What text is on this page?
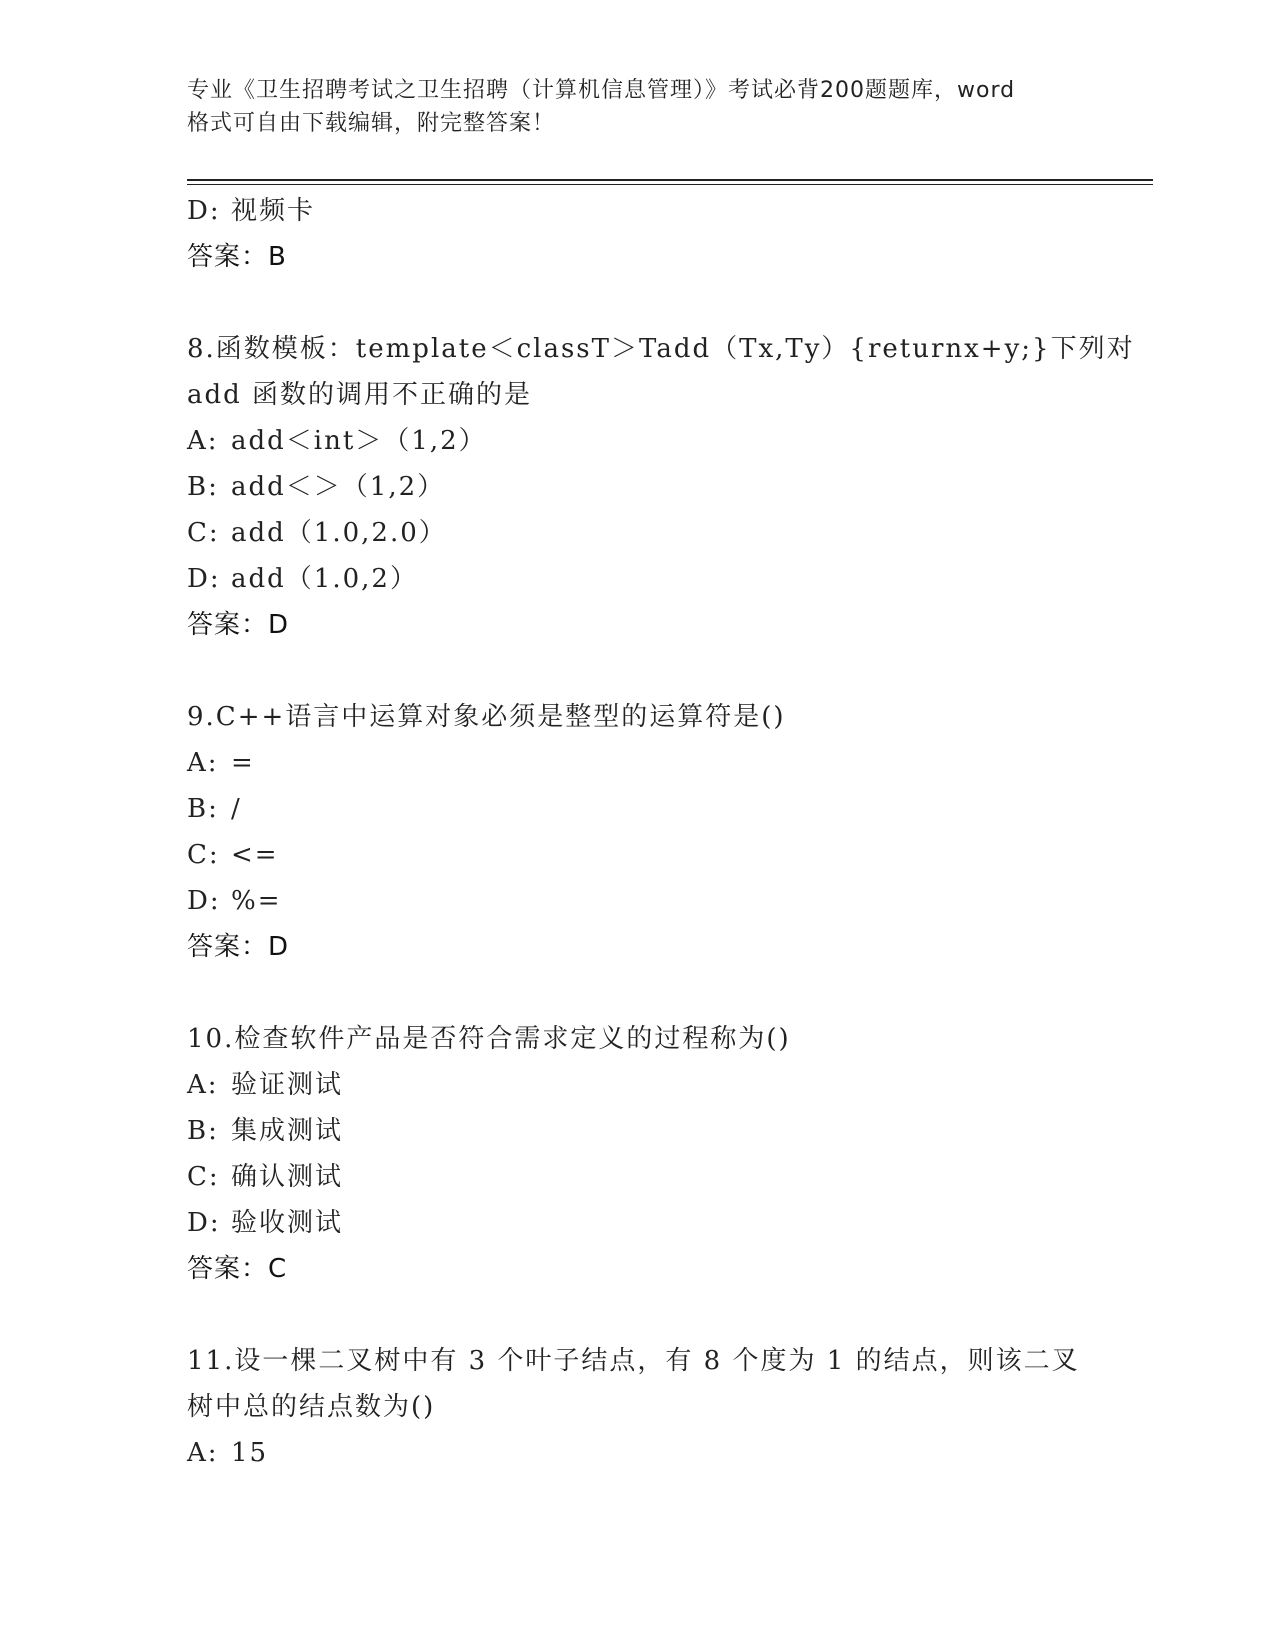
专业《卫生招聘考试之卫生招聘（计算机信息管理）》考试必背200题题库，word
格式可自由下载编辑，附完整答案！
D: 视频卡
答案：B
8.函数模板：template＜classT＞Tadd（Tx,Ty）{returnx+y;}下列对
add 函数的调用不正确的是
A: add＜int＞（1,2）
B: add＜＞（1,2）
C: add（1.0,2.0）
D: add（1.0,2）
答案：D
9.C++语言中运算对象必须是整型的运算符是()
A: =
B: /
C: <=
D: %=
答案：D
10.检查软件产品是否符合需求定义的过程称为()
A: 验证测试
B: 集成测试
C: 确认测试
D: 验收测试
答案：C
11.设一棵二叉树中有 3 个叶子结点，有 8 个度为 1 的结点，则该二叉
树中总的结点数为()
A: 15
